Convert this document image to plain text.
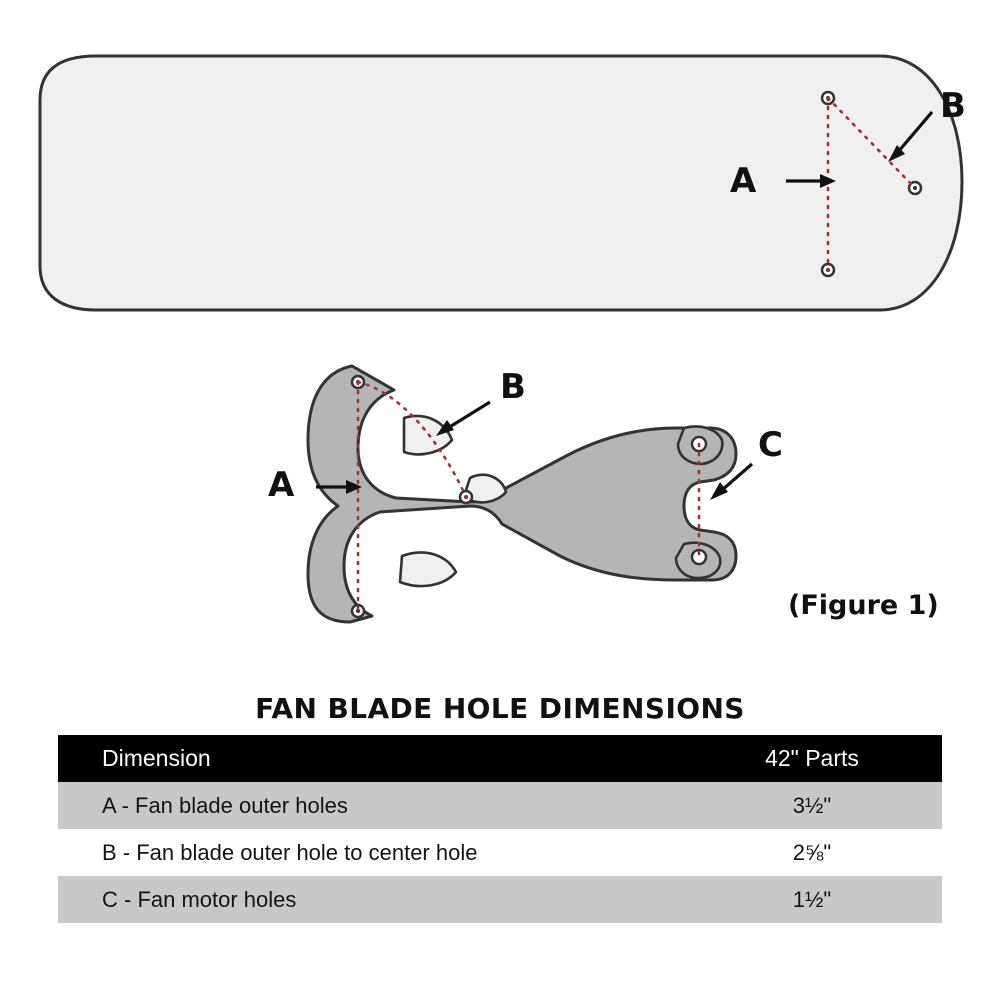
A
B
A
B
C
(Figure 1)
FAN BLADE HOLE DIMENSIONS
Dimension	42" Parts
A - Fan blade outer holes	3½"
B - Fan blade outer hole to center hole	2⅝"
C - Fan motor holes	1½"
